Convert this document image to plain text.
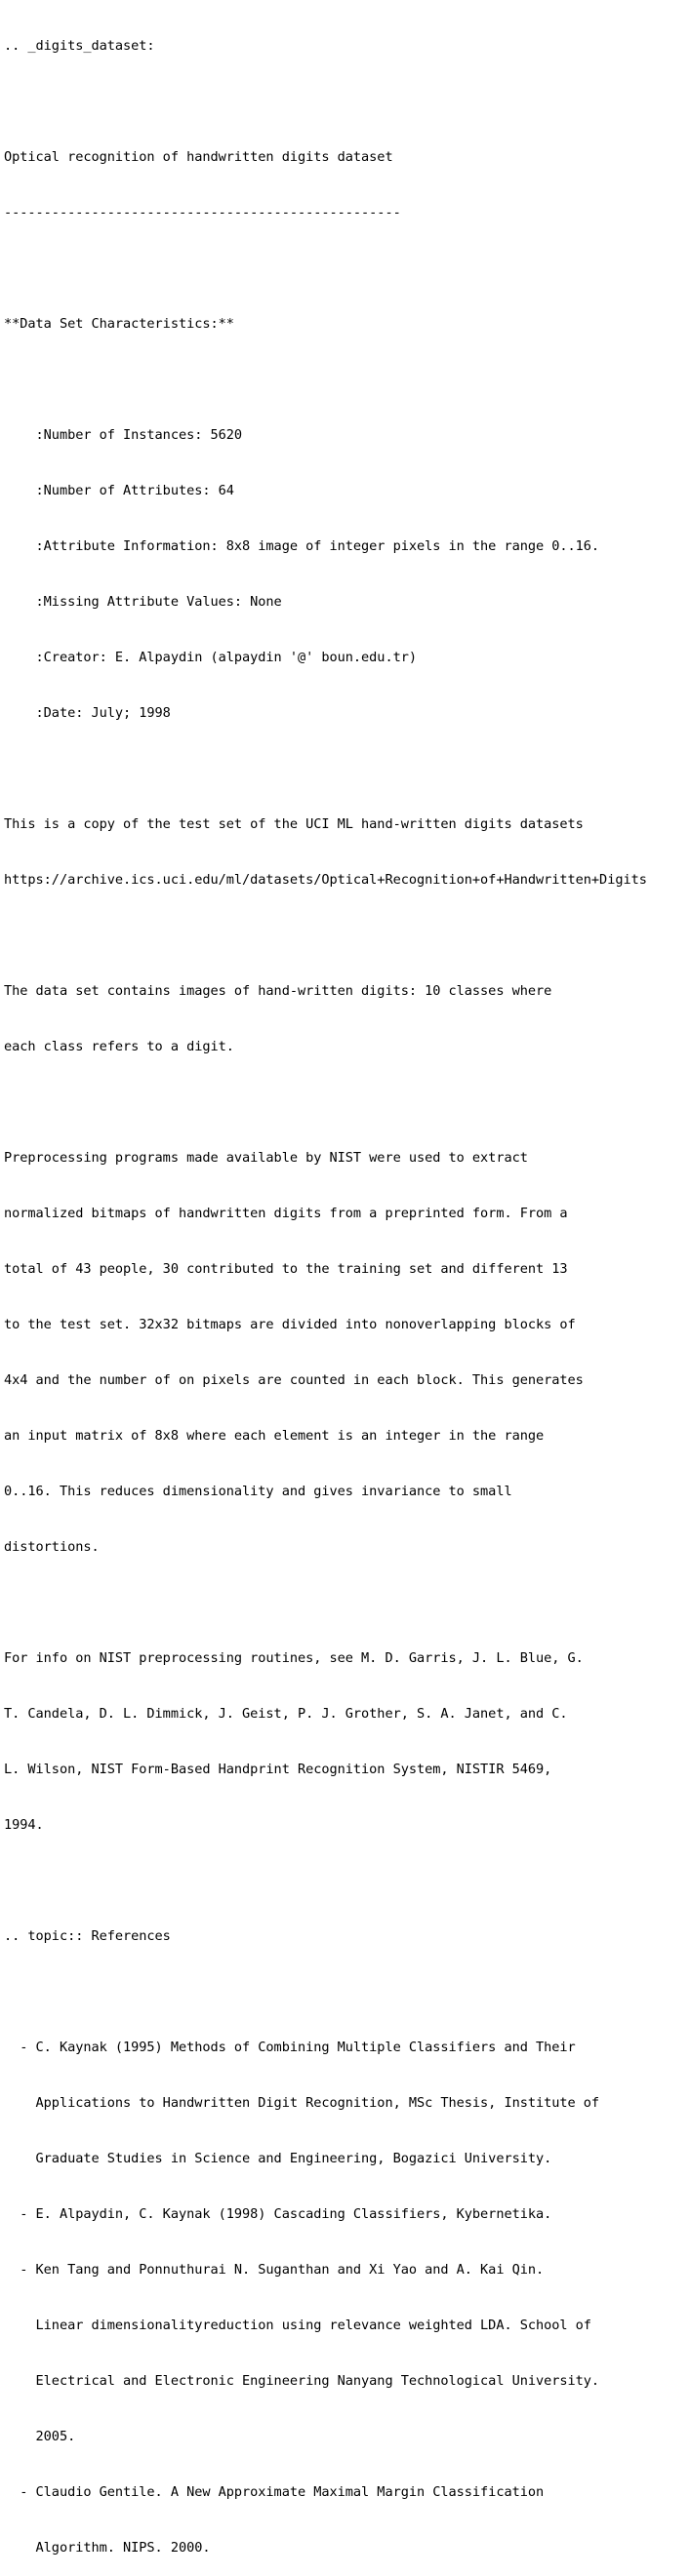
.. _digits_dataset:

Optical recognition of handwritten digits dataset

--------------------------------------------------

**Data Set Characteristics:**

:Number of Instances: 5620

:Number of Attributes: 64

:Attribute Information: 8x8 image of integer pixels in the range 0..16.

:Missing Attribute Values: None

:Creator: E. Alpaydin (alpaydin '@' boun.edu.tr)

:Date: July; 1998

This is a copy of the test set of the UCI ML hand-written digits datasets

https://archive.ics.uci.edu/ml/datasets/Optical+Recognition+of+Handwritten+Digits

The data set contains images of hand-written digits: 10 classes where

each class refers to a digit.

Preprocessing programs made available by NIST were used to extract

normalized bitmaps of handwritten digits from a preprinted form. From a

total of 43 people, 30 contributed to the training set and different 13

to the test set. 32x32 bitmaps are divided into nonoverlapping blocks of

4x4 and the number of on pixels are counted in each block. This generates

an input matrix of 8x8 where each element is an integer in the range

0..16. This reduces dimensionality and gives invariance to small

distortions.

For info on NIST preprocessing routines, see M. D. Garris, J. L. Blue, G.

T. Candela, D. L. Dimmick, J. Geist, P. J. Grother, S. A. Janet, and C.

L. Wilson, NIST Form-Based Handprint Recognition System, NISTIR 5469,

1994.

.. topic:: References

- C. Kaynak (1995) Methods of Combining Multiple Classifiers and Their

Applications to Handwritten Digit Recognition, MSc Thesis, Institute of

Graduate Studies in Science and Engineering, Bogazici University.

- E. Alpaydin, C. Kaynak (1998) Cascading Classifiers, Kybernetika.

- Ken Tang and Ponnuthurai N. Suganthan and Xi Yao and A. Kai Qin.

Linear dimensionalityreduction using relevance weighted LDA. School of

Electrical and Electronic Engineering Nanyang Technological University.

2005.

- Claudio Gentile. A New Approximate Maximal Margin Classification

Algorithm. NIPS. 2000.
